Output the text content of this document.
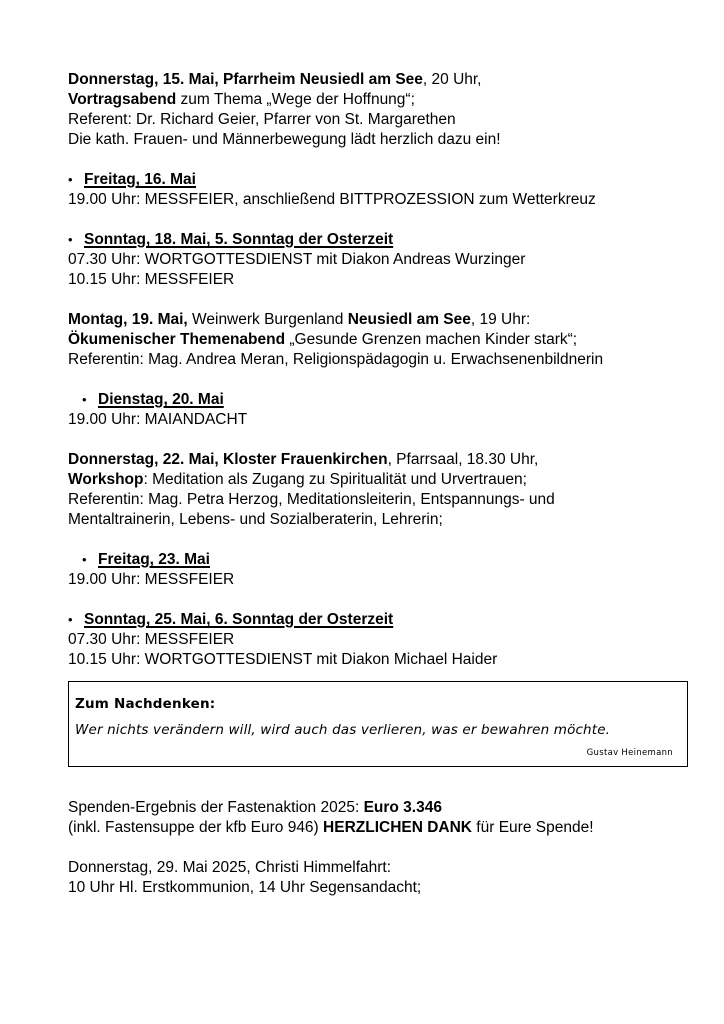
Donnerstag, 15. Mai, Pfarrheim Neusiedl am See, 20 Uhr,

Vortragsabend zum Thema „Wege der Hoffnung“;

Referent: Dr. Richard Geier, Pfarrer von St. Margarethen

Die kath. Frauen- und Männerbewegung lädt herzlich dazu ein!

• Freitag, 16. Mai

19.00 Uhr: MESSFEIER, anschließend BITTPROZESSION zum Wetterkreuz

• Sonntag, 18. Mai, 5. Sonntag der Osterzeit

07.30 Uhr: WORTGOTTESDIENST mit Diakon Andreas Wurzinger

10.15 Uhr: MESSFEIER

Montag, 19. Mai, Weinwerk Burgenland Neusiedl am See, 19 Uhr:

Ökumenischer Themenabend „Gesunde Grenzen machen Kinder stark“;

Referentin: Mag. Andrea Meran, Religionspädagogin u. Erwachsenenbildnerin

• Dienstag, 20. Mai

19.00 Uhr: MAIANDACHT

Donnerstag, 22. Mai, Kloster Frauenkirchen, Pfarrsaal, 18.30 Uhr,

Workshop: Meditation als Zugang zu Spiritualität und Urvertrauen;

Referentin: Mag. Petra Herzog, Meditationsleiterin, Entspannungs- und

Mentaltrainerin, Lebens- und Sozialberaterin, Lehrerin;

• Freitag, 23. Mai

19.00 Uhr: MESSFEIER

• Sonntag, 25. Mai, 6. Sonntag der Osterzeit

07.30 Uhr: MESSFEIER

10.15 Uhr: WORTGOTTESDIENST mit Diakon Michael Haider

Zum Nachdenken:
Wer nichts verändern will, wird auch das verlieren, was er bewahren möchte.
Gustav Heinemann

Spenden-Ergebnis der Fastenaktion 2025: Euro 3.346

(inkl. Fastensuppe der kfb Euro 946) HERZLICHEN DANK für Eure Spende!

Donnerstag, 29. Mai 2025, Christi Himmelfahrt:

10 Uhr Hl. Erstkommunion, 14 Uhr Segensandacht;
